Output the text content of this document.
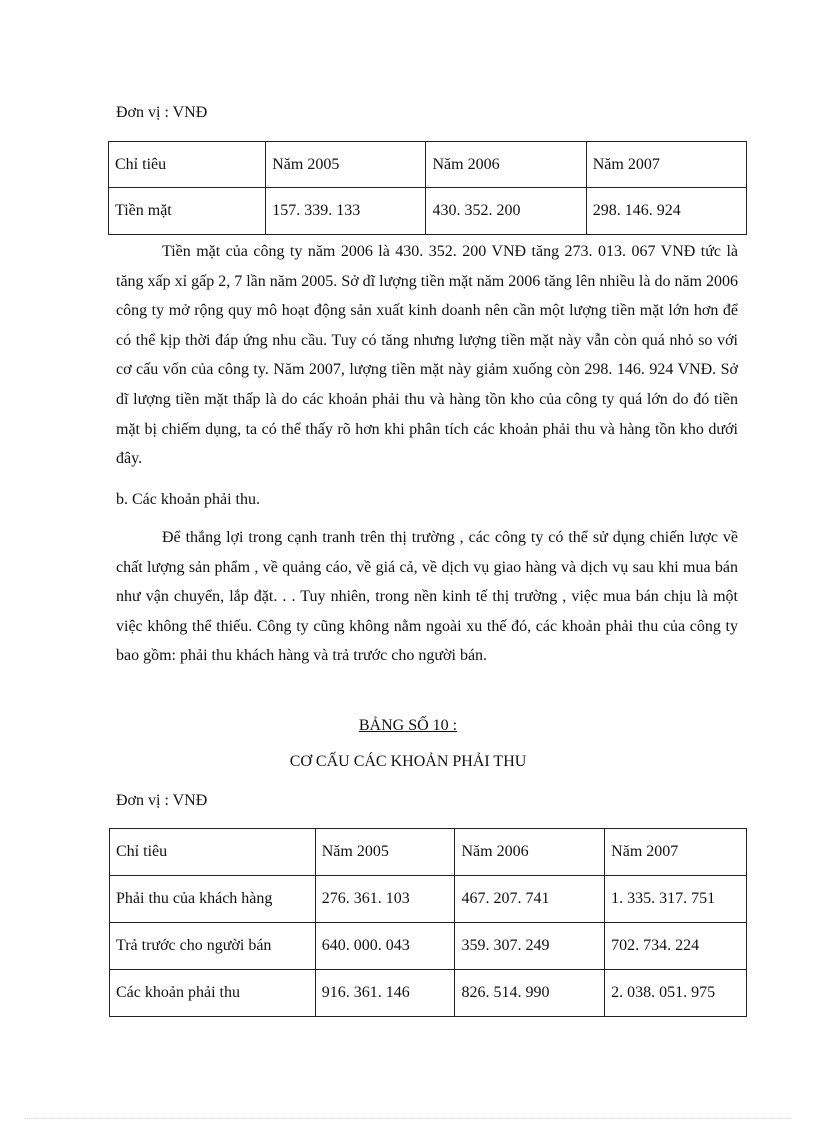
Đơn vị : VNĐ
Chỉ tiêu	Năm 2005	Năm 2006	Năm 2007
Tiền mặt	157. 339. 133	430. 352. 200	298. 146. 924

Tiền mặt của công ty năm 2006 là 430. 352. 200 VNĐ tăng 273. 013. 067 VNĐ tức là tăng xấp xỉ gấp 2, 7 lần năm 2005. Sở dĩ lượng tiền mặt năm 2006 tăng lên nhiều là do năm 2006 công ty mở rộng quy mô hoạt động sản xuất kinh doanh nên cần một lượng tiền mặt lớn hơn để có thể kịp thời đáp ứng nhu cầu. Tuy có tăng nhưng lượng tiền mặt này vẫn còn quá nhỏ so với cơ cấu vốn của công ty. Năm 2007, lượng tiền mặt này giảm xuống còn 298. 146. 924 VNĐ. Sở dĩ lượng tiền mặt thấp là do các khoản phải thu và hàng tồn kho của công ty quá lớn do đó tiền mặt bị chiếm dụng, ta có thể thấy rõ hơn khi phân tích các khoản phải thu và hàng tồn kho dưới đây.

b. Các khoản phải thu.

Để thắng lợi trong cạnh tranh trên thị trường , các công ty có thể sử dụng chiến lược về chất lượng sản phẩm , về quảng cáo, về giá cả, về dịch vụ giao hàng và dịch vụ sau khi mua bán như vận chuyển, lắp đặt. . . Tuy nhiên, trong nền kinh tế thị trường , việc mua bán chịu là một việc không thể thiếu. Công ty cũng không nằm ngoài xu thế đó, các khoản phải thu của công ty bao gồm: phải thu khách hàng và trả trước cho người bán.

BẢNG SỐ 10 :
CƠ CẤU CÁC KHOẢN PHẢI THU
Đơn vị : VNĐ
Chỉ tiêu	Năm 2005	Năm 2006	Năm 2007
Phải thu của khách hàng	276. 361. 103	467. 207. 741	1. 335. 317. 751
Trả trước cho người bán	640. 000. 043	359. 307. 249	702. 734. 224
Các khoản phải thu	916. 361. 146	826. 514. 990	2. 038. 051. 975
